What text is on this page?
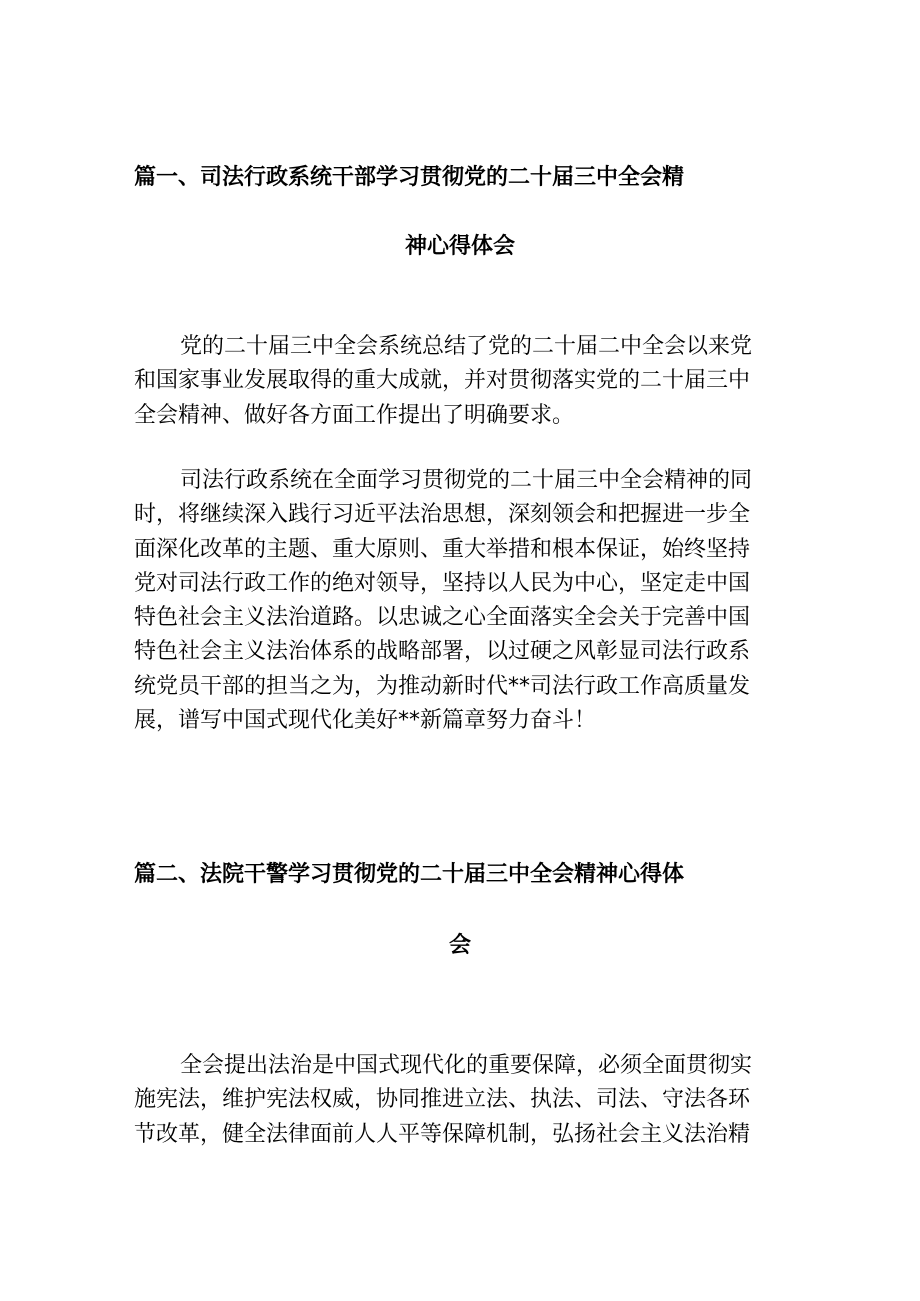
篇一、司法行政系统干部学习贯彻党的二十届三中全会精
神心得体会
党的二十届三中全会系统总结了党的二十届二中全会以来党
和国家事业发展取得的重大成就，并对贯彻落实党的二十届三中
全会精神、做好各方面工作提出了明确要求。
司法行政系统在全面学习贯彻党的二十届三中全会精神的同
时，将继续深入践行习近平法治思想，深刻领会和把握进一步全
面深化改革的主题、重大原则、重大举措和根本保证，始终坚持
党对司法行政工作的绝对领导，坚持以人民为中心，坚定走中国
特色社会主义法治道路。以忠诚之心全面落实全会关于完善中国
特色社会主义法治体系的战略部署，以过硬之风彰显司法行政系
统党员干部的担当之为，为推动新时代**司法行政工作高质量发
展，谱写中国式现代化美好**新篇章努力奋斗！
篇二、法院干警学习贯彻党的二十届三中全会精神心得体
会
全会提出法治是中国式现代化的重要保障，必须全面贯彻实
施宪法，维护宪法权威，协同推进立法、执法、司法、守法各环
节改革，健全法律面前人人平等保障机制，弘扬社会主义法治精
